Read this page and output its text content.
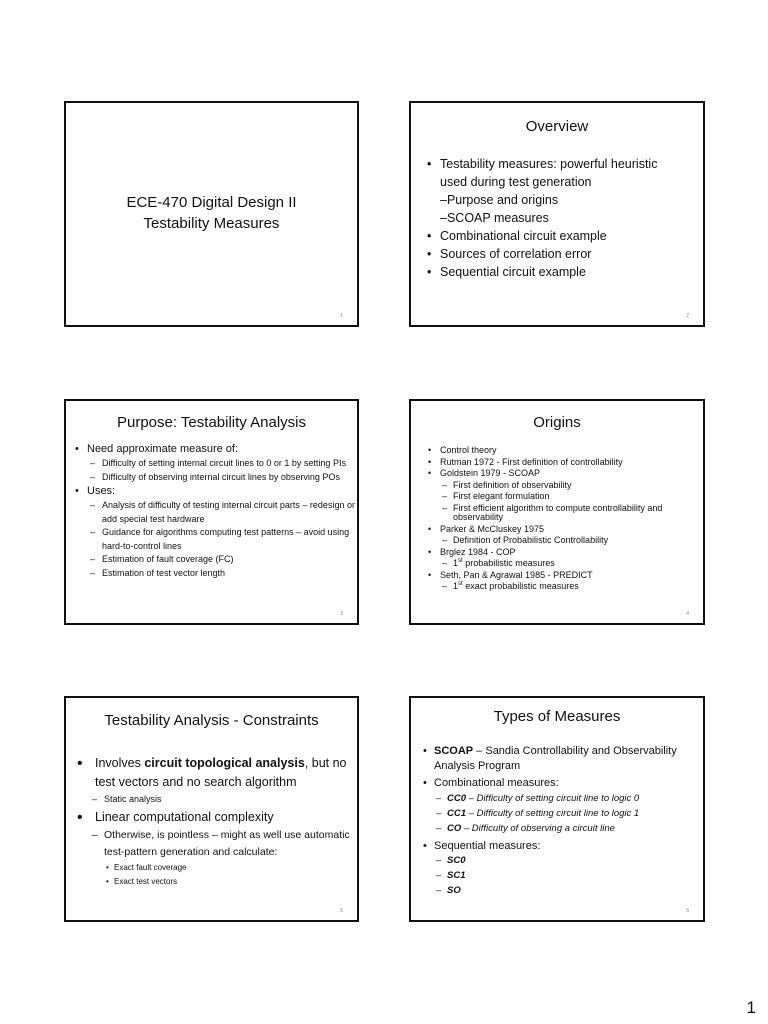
ECE-470 Digital Design II
Testability Measures
1
Overview
• Testability measures: powerful heuristic
used during test generation
–Purpose and origins
–SCOAP measures
• Combinational circuit example
• Sources of correlation error
• Sequential circuit example
2
Purpose: Testability Analysis
• Need approximate measure of:
– Difficulty of setting internal circuit lines to 0 or 1 by setting PIs
– Difficulty of observing internal circuit lines by observing POs
• Uses:
– Analysis of difficulty of testing internal circuit parts – redesign or add special test hardware
– Guidance for algorithms computing test patterns – avoid using hard-to-control lines
– Estimation of fault coverage (FC)
– Estimation of test vector length
3
Origins
• Control theory
• Rutman 1972 - First definition of controllability
• Goldstein 1979 - SCOAP
– First definition of observability
– First elegant formulation
– First efficient algorithm to compute controllability and observability
• Parker & McCluskey 1975
– Definition of Probabilistic Controllability
• Brglez 1984 - COP
– 1st probabilistic measures
• Seth, Pan & Agrawal 1985 - PREDICT
– 1st exact probabilistic measures
4
Testability Analysis - Constraints
• Involves circuit topological analysis, but no test vectors and no search algorithm
– Static analysis
• Linear computational complexity
– Otherwise, is pointless – might as well use automatic test-pattern generation and calculate:
• Exact fault coverage
• Exact test vectors
5
Types of Measures
• SCOAP – Sandia Controllability and Observability Analysis Program
• Combinational measures:
– CC0 – Difficulty of setting circuit line to logic 0
– CC1 – Difficulty of setting circuit line to logic 1
– CO – Difficulty of observing a circuit line
• Sequential measures:
– SC0
– SC1
– SO
6
1
